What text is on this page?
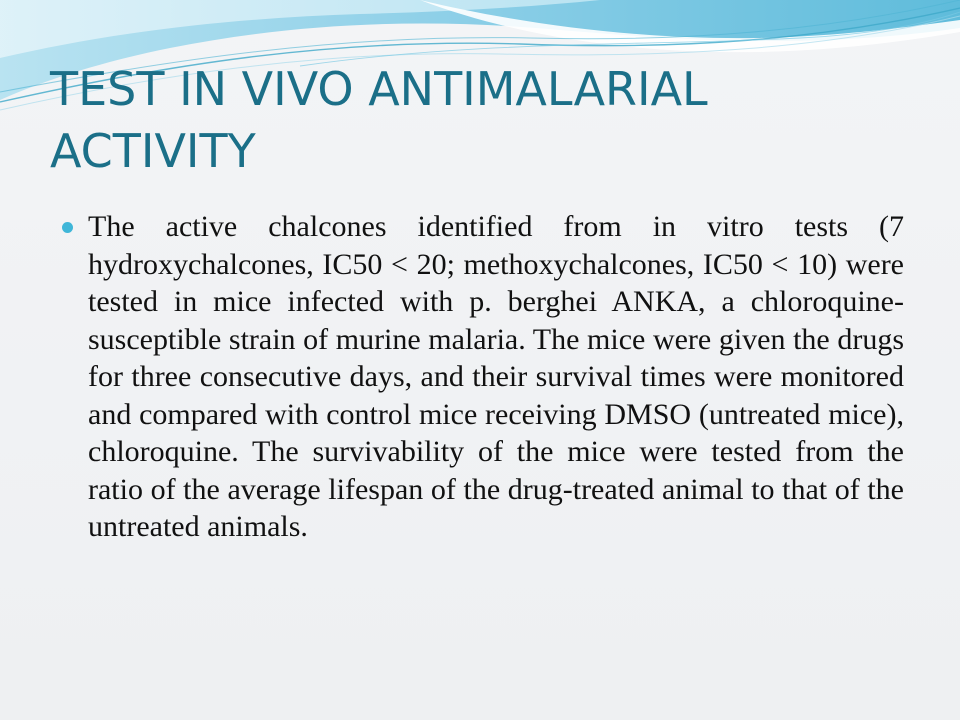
TEST IN VIVO ANTIMALARIAL ACTIVITY

The active chalcones identified from in vitro tests (7 hydroxychalcones, IC50 < 20; methoxychalcones, IC50 < 10) were tested in mice infected with p. berghei ANKA, a chloroquine-susceptible strain of murine malaria. The mice were given the drugs for three consecutive days, and their survival times were monitored and compared with control mice receiving DMSO (untreated mice), chloroquine. The survivability of the mice were tested from the ratio of the average lifespan of the drug-treated animal to that of the untreated animals.
